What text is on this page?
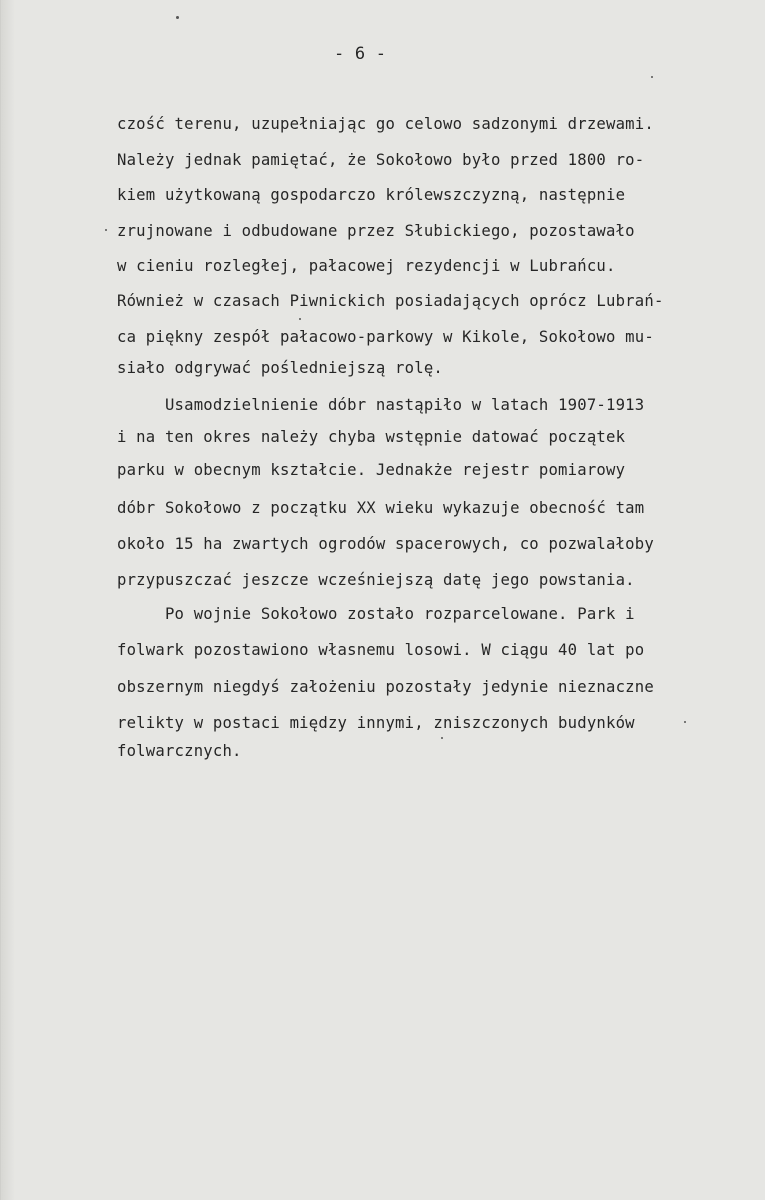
- 6 -
czość terenu, uzupełniając go celowo sadzonymi drzewami.
Należy jednak pamiętać, że Sokołowo było przed 1800 ro-
kiem użytkowaną gospodarczo królewszczyzną, następnie
zrujnowane i odbudowane przez Słubickiego, pozostawało
w cieniu rozległej, pałacowej rezydencji w Lubrańcu.
Również w czasach Piwnickich posiadających oprócz Lubrań-
ca piękny zespół pałacowo-parkowy w Kikole, Sokołowo mu-
siało odgrywać pośledniejszą rolę.
Usamodzielnienie dóbr nastąpiło w latach 1907-1913
i na ten okres należy chyba wstępnie datować początek
parku w obecnym kształcie. Jednakże rejestr pomiarowy
dóbr Sokołowo z początku XX wieku wykazuje obecność tam
około 15 ha zwartych ogrodów spacerowych, co pozwalałoby
przypuszczać jeszcze wcześniejszą datę jego powstania.
Po wojnie Sokołowo zostało rozparcelowane. Park i
folwark pozostawiono własnemu losowi. W ciągu 40 lat po
obszernym niegdyś założeniu pozostały jedynie nieznaczne
relikty w postaci między innymi, zniszczonych budynków
folwarcznych.
